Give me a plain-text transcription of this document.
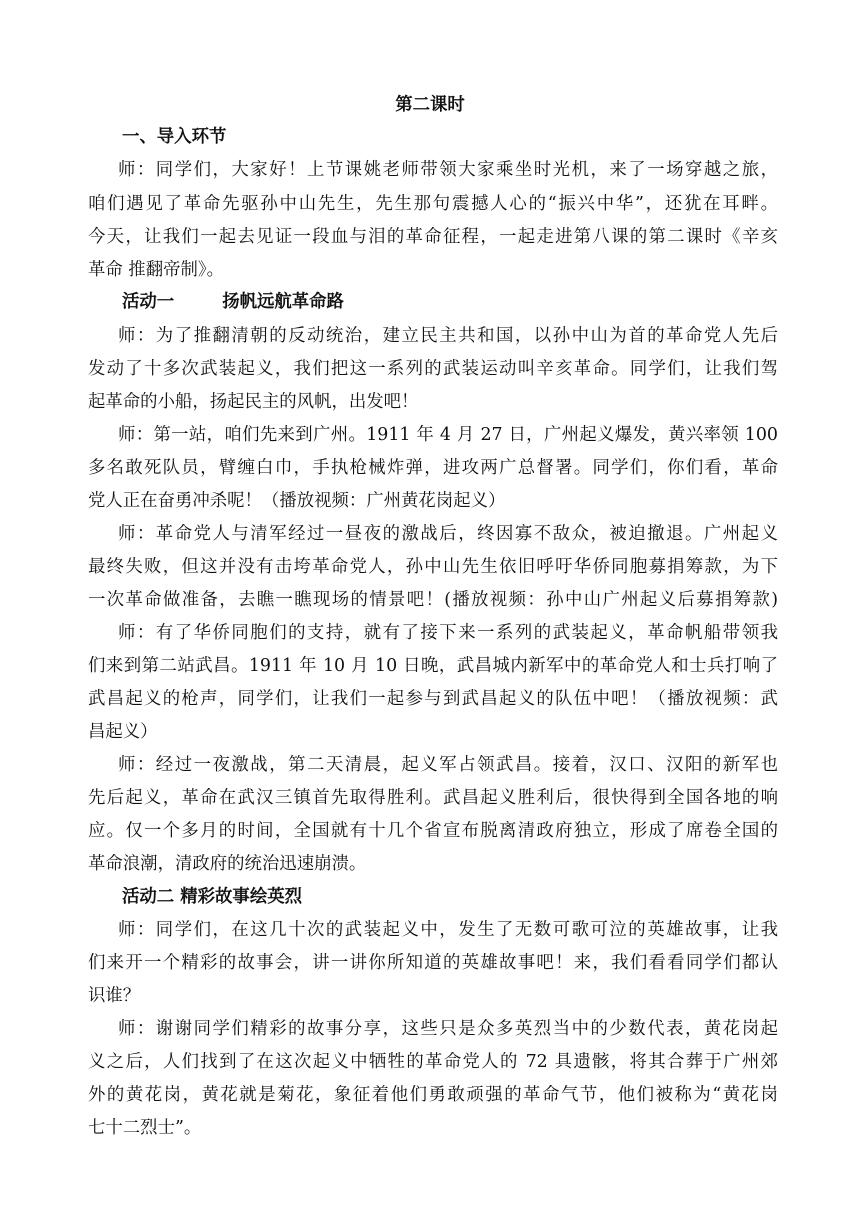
第二课时
一、导入环节
师：同学们，大家好！上节课姚老师带领大家乘坐时光机，来了一场穿越之旅，
咱们遇见了革命先驱孙中山先生，先生那句震撼人心的“振兴中华”，还犹在耳畔。
今天，让我们一起去见证一段血与泪的革命征程，一起走进第八课的第二课时《辛亥
革命 推翻帝制》。
活动一	扬帆远航革命路
师：为了推翻清朝的反动统治，建立民主共和国，以孙中山为首的革命党人先后
发动了十多次武装起义，我们把这一系列的武装运动叫辛亥革命。同学们，让我们驾
起革命的小船，扬起民主的风帆，出发吧！
师：第一站，咱们先来到广州。1911 年 4 月 27 日，广州起义爆发，黄兴率领 100
多名敢死队员，臂缠白巾，手执枪械炸弹，进攻两广总督署。同学们，你们看，革命
党人正在奋勇冲杀呢！（播放视频：广州黄花岗起义）
师：革命党人与清军经过一昼夜的激战后，终因寡不敌众，被迫撤退。广州起义
最终失败，但这并没有击垮革命党人，孙中山先生依旧呼吁华侨同胞募捐筹款，为下
一次革命做准备，去瞧一瞧现场的情景吧！(播放视频：孙中山广州起义后募捐筹款)
师：有了华侨同胞们的支持，就有了接下来一系列的武装起义，革命帆船带领我
们来到第二站武昌。1911 年 10 月 10 日晚，武昌城内新军中的革命党人和士兵打响了
武昌起义的枪声，同学们，让我们一起参与到武昌起义的队伍中吧！（播放视频：武
昌起义）
师：经过一夜激战，第二天清晨，起义军占领武昌。接着，汉口、汉阳的新军也
先后起义，革命在武汉三镇首先取得胜利。武昌起义胜利后，很快得到全国各地的响
应。仅一个多月的时间，全国就有十几个省宣布脱离清政府独立，形成了席卷全国的
革命浪潮，清政府的统治迅速崩溃。
活动二 精彩故事绘英烈
师：同学们，在这几十次的武装起义中，发生了无数可歌可泣的英雄故事，让我
们来开一个精彩的故事会，讲一讲你所知道的英雄故事吧！来，我们看看同学们都认
识谁？
师：谢谢同学们精彩的故事分享，这些只是众多英烈当中的少数代表，黄花岗起
义之后，人们找到了在这次起义中牺牲的革命党人的 72 具遗骸，将其合葬于广州郊
外的黄花岗，黄花就是菊花，象征着他们勇敢顽强的革命气节，他们被称为“黄花岗
七十二烈士”。
